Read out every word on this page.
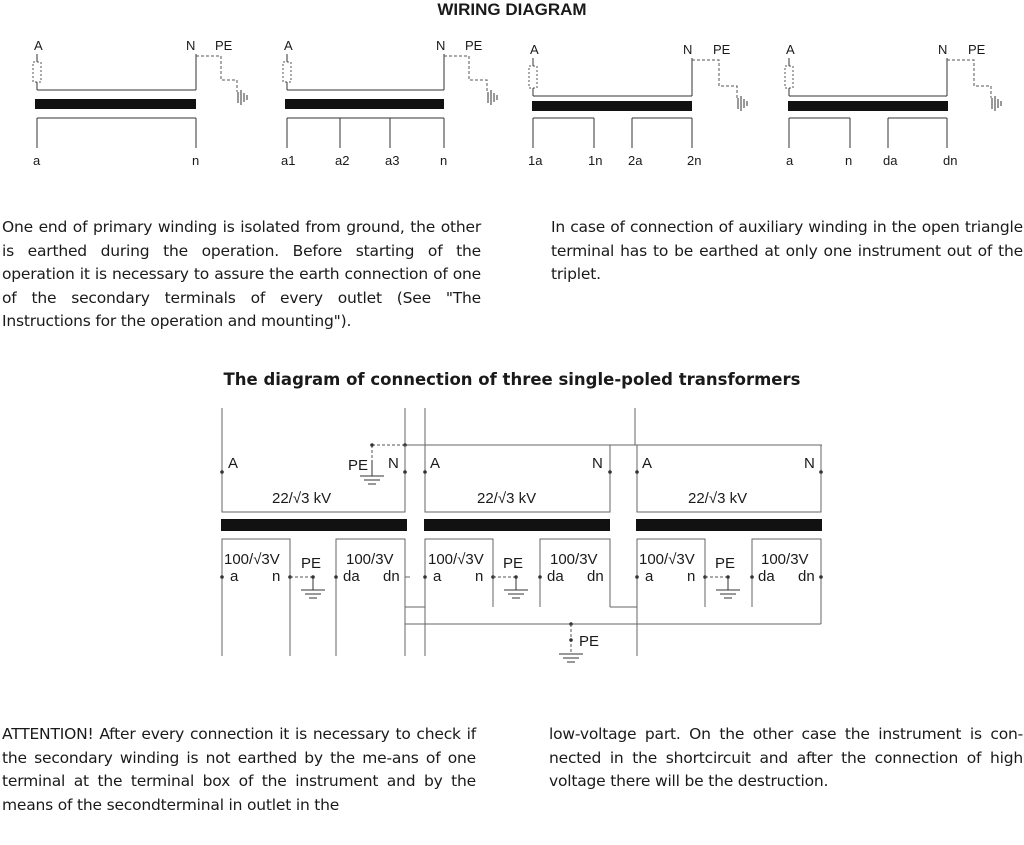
WIRING DIAGRAM
A	N PE
a	n
A	N PE
a1	a2	a3	n
A	N PE
1a	1n 2a	2n
A	N PE
a	n da	dn
One end of primary winding is isolated from ground, the other is earthed during the operation. Before starting of the operation it is necessary to assure the earth connection of one of the secondary terminals of every outlet (See "The Instructions for the operation and mounting").
In case of connection of auxiliary winding in the open triangle terminal has to be earthed at only one instrument out of the triplet.
The diagram of connection of three single-poled transformers
PE
A	N
22/√3 kV
100/√3V
a n
100/3V
da dn
PE
A	N
22/√3 kV
100/√3V
a n
100/3V
da dn
PE
A	N
22/√3 kV
100/√3V
a n
100/3V
da dn
PE
PE
ATTENTION! After every connection it is necessary to check if the secondary winding is not earthed by the me-ans of one terminal at the terminal box of the instrument and by the means of the secondterminal in outlet in the
low-voltage part. On the other case the instrument is con-nected in the shortcircuit and after the connection of high voltage there will be the destruction.
